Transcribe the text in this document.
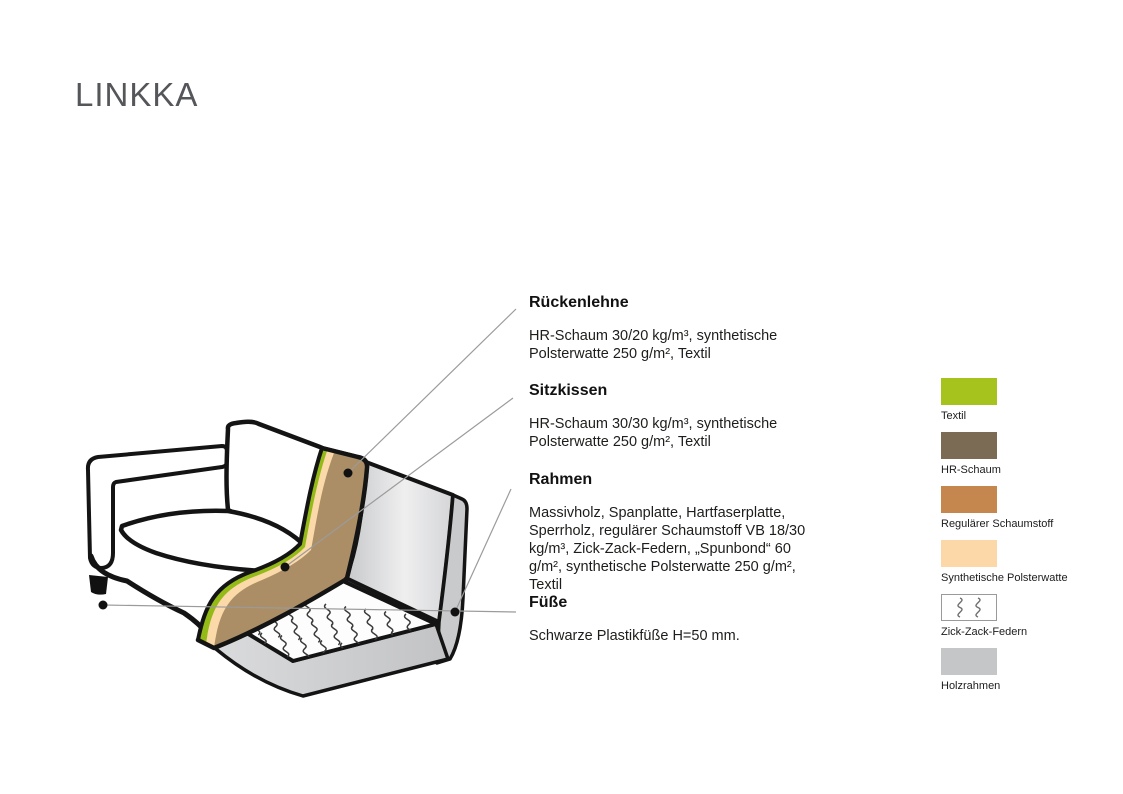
LINKKA
Rückenlehne

HR-Schaum 30/20 kg/m³, synthetische Polsterwatte 250 g/m², Textil

Sitzkissen

HR-Schaum 30/30 kg/m³, synthetische Polsterwatte 250 g/m², Textil

Rahmen

Massivholz, Spanplatte, Hartfaserplatte, Sperrholz, regulärer Schaumstoff VB 18/30 kg/m³, Zick-Zack-Federn, „Spunbond“ 60 g/m², synthetische Polsterwatte 250 g/m², Textil

Füße

Schwarze Plastikfüße H=50 mm.

Textil
HR-Schaum
Regulärer Schaumstoff
Synthetische Polsterwatte
Zick-Zack-Federn
Holzrahmen
